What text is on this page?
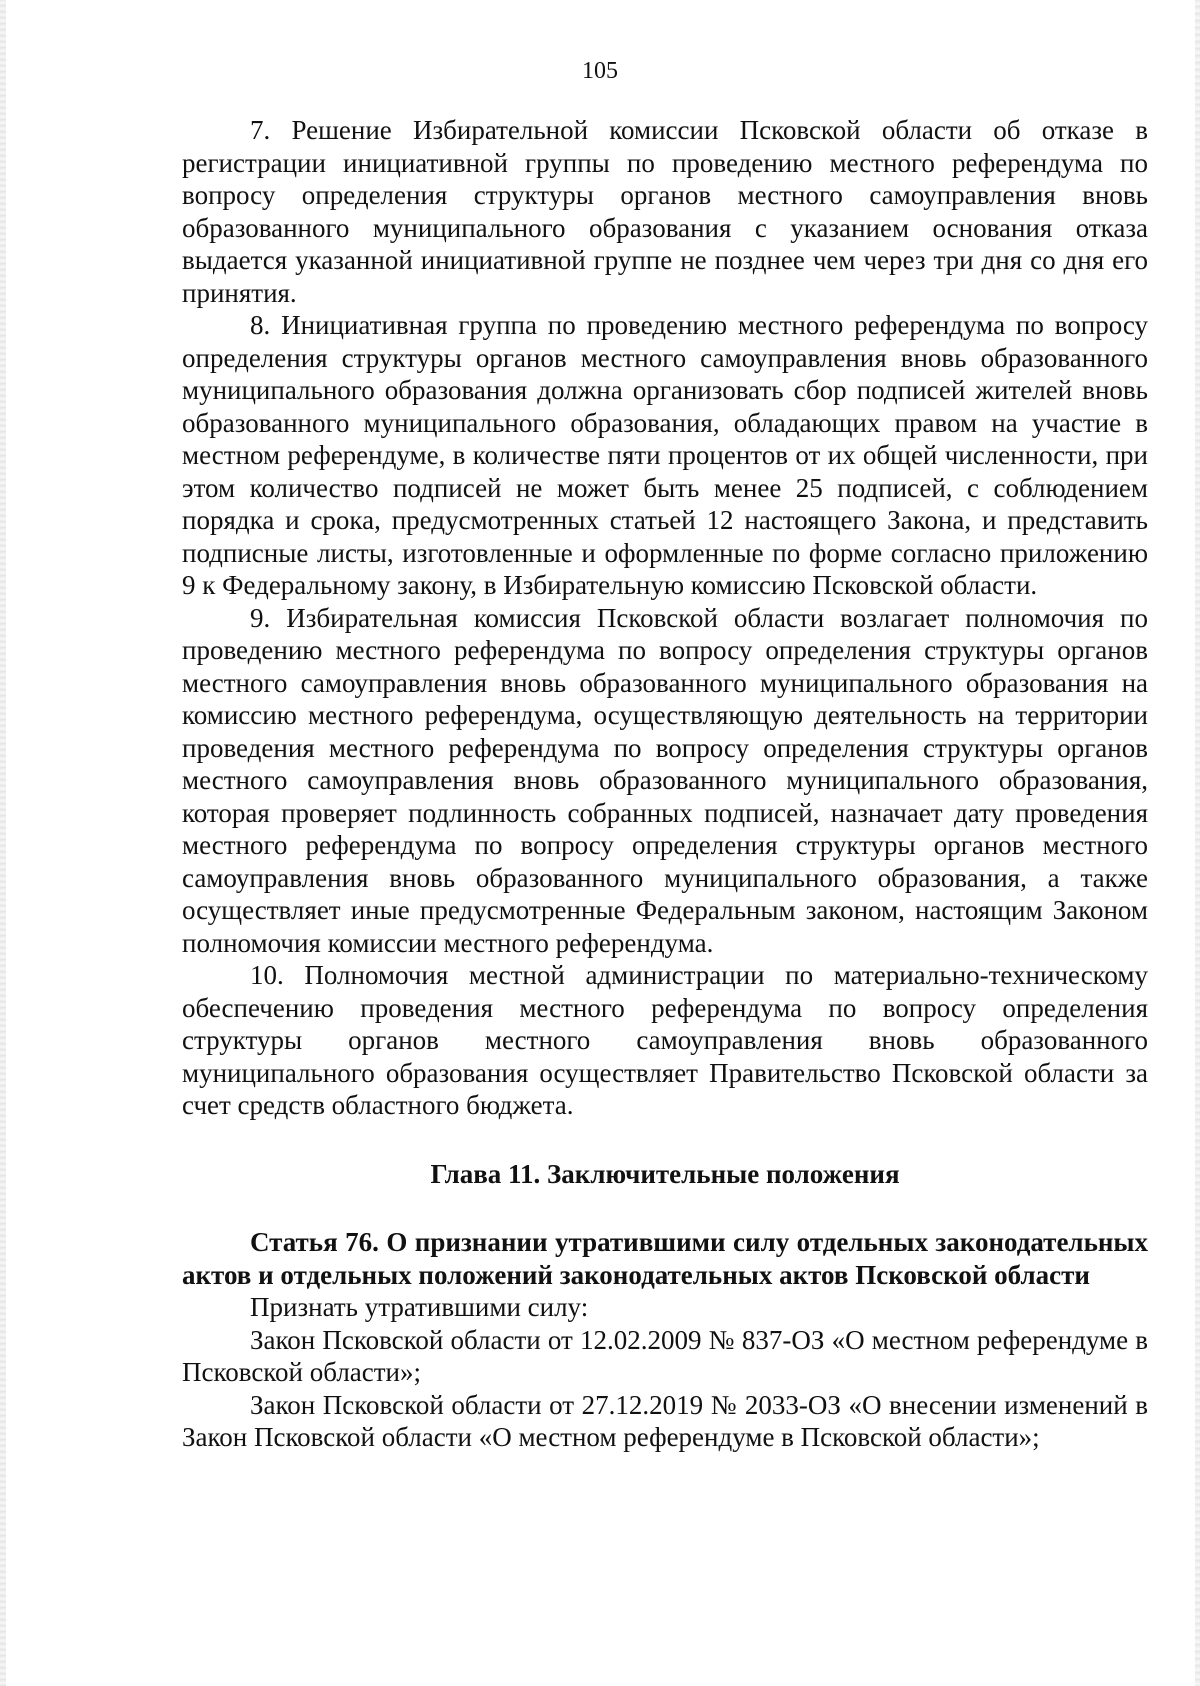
105

7. Решение Избирательной комиссии Псковской области об отказе в регистрации инициативной группы по проведению местного референдума по вопросу определения структуры органов местного самоуправления вновь образованного муниципального образования с указанием основания отказа выдается указанной инициативной группе не позднее чем через три дня со дня его принятия.

8. Инициативная группа по проведению местного референдума по вопросу определения структуры органов местного самоуправления вновь образованного муниципального образования должна организовать сбор подписей жителей вновь образованного муниципального образования, обладающих правом на участие в местном референдуме, в количестве пяти процентов от их общей численности, при этом количество подписей не может быть менее 25 подписей, с соблюдением порядка и срока, предусмотренных статьей 12 настоящего Закона, и представить подписные листы, изготовленные и оформленные по форме согласно приложению 9 к Федеральному закону, в Избирательную комиссию Псковской области.

9. Избирательная комиссия Псковской области возлагает полномочия по проведению местного референдума по вопросу определения структуры органов местного самоуправления вновь образованного муниципального образования на комиссию местного референдума, осуществляющую деятельность на территории проведения местного референдума по вопросу определения структуры органов местного самоуправления вновь образованного муниципального образования, которая проверяет подлинность собранных подписей, назначает дату проведения местного референдума по вопросу определения структуры органов местного самоуправления вновь образованного муниципального образования, а также осуществляет иные предусмотренные Федеральным законом, настоящим Законом полномочия комиссии местного референдума.

10. Полномочия местной администрации по материально-техническому обеспечению проведения местного референдума по вопросу определения структуры органов местного самоуправления вновь образованного муниципального образования осуществляет Правительство Псковской области за счет средств областного бюджета.

Глава 11. Заключительные положения

Статья 76. О признании утратившими силу отдельных законодательных актов и отдельных положений законодательных актов Псковской области

Признать утратившими силу:

Закон Псковской области от 12.02.2009 № 837-ОЗ «О местном референдуме в Псковской области»;

Закон Псковской области от 27.12.2019 № 2033-ОЗ «О внесении изменений в Закон Псковской области «О местном референдуме в Псковской области»;
